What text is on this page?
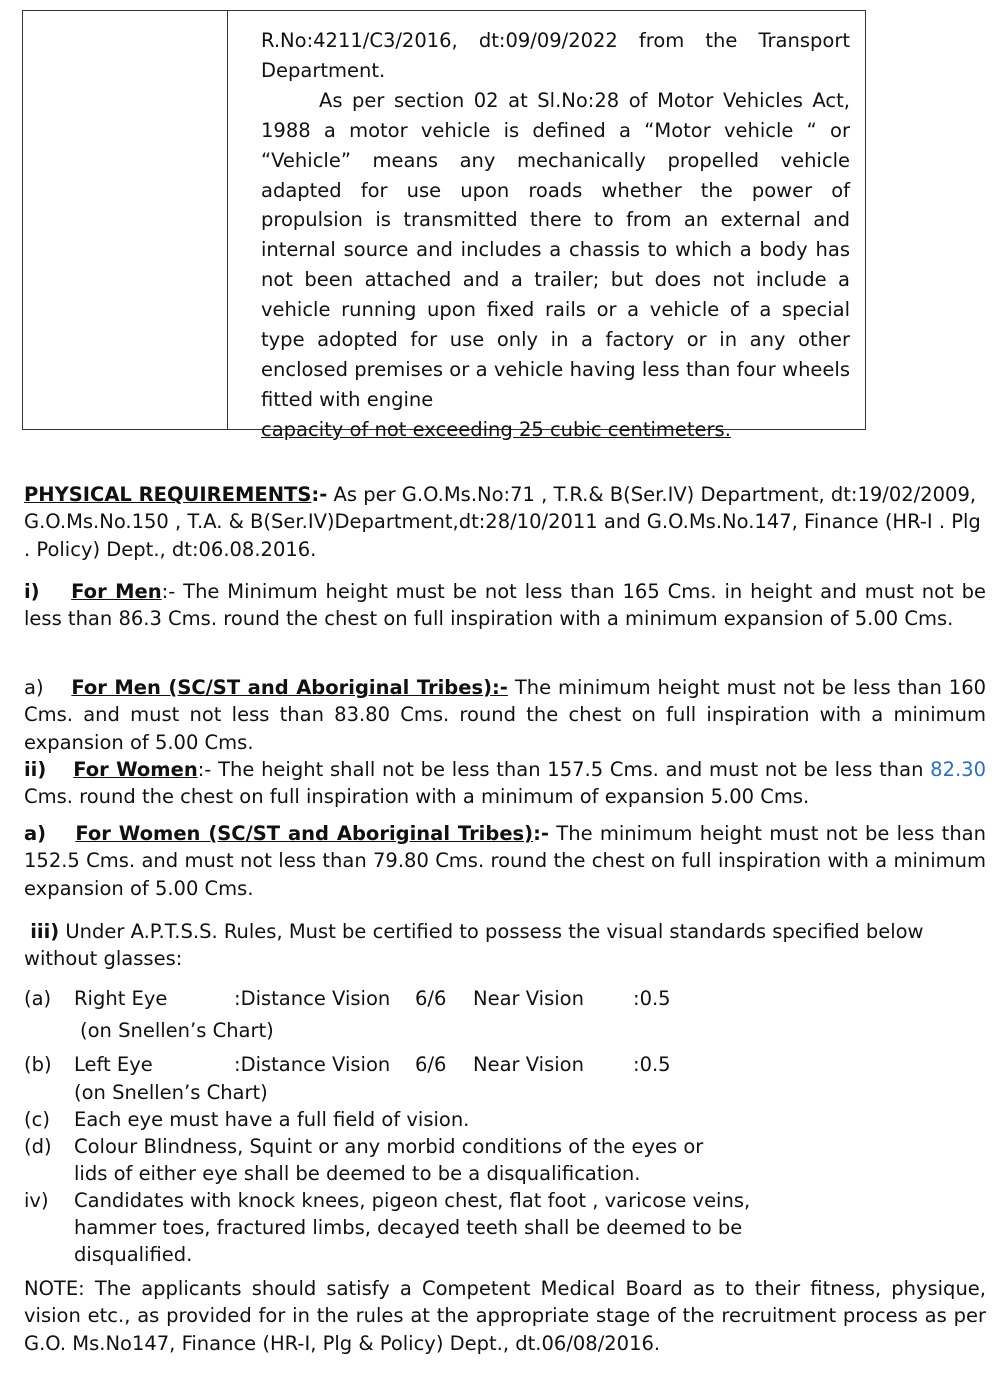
R.No:4211/C3/2016, dt:09/09/2022 from the Transport Department.

As per section 02 at Sl.No:28 of Motor Vehicles Act, 1988 a motor vehicle is defined a “Motor vehicle “ or “Vehicle” means any mechanically propelled vehicle adapted for use upon roads whether the power of propulsion is transmitted there to from an external and internal source and includes a chassis to which a body has not been attached and a trailer; but does not include a vehicle running upon fixed rails or a vehicle of a special type adopted for use only in a factory or in any other enclosed premises or a vehicle having less than four wheels fitted with engine

capacity of not exceeding 25 cubic centimeters.

PHYSICAL REQUIREMENTS:- As per G.O.Ms.No:71 , T.R.& B(Ser.IV) Department, dt:19/02/2009, G.O.Ms.No.150 , T.A. & B(Ser.IV)Department,dt:28/10/2011 and G.O.Ms.No.147, Finance (HR-I . Plg . Policy) Dept., dt:06.08.2016.

i) For Men:- The Minimum height must be not less than 165 Cms. in height and must not be less than 86.3 Cms. round the chest on full inspiration with a minimum expansion of 5.00 Cms.

a) For Men (SC/ST and Aboriginal Tribes):- The minimum height must not be less than 160 Cms. and must not less than 83.80 Cms. round the chest on full inspiration with a minimum expansion of 5.00 Cms.

ii) For Women:- The height shall not be less than 157.5 Cms. and must not be less than 82.30 Cms. round the chest on full inspiration with a minimum of expansion 5.00 Cms.

a) For Women (SC/ST and Aboriginal Tribes):- The minimum height must not be less than 152.5 Cms. and must not less than 79.80 Cms. round the chest on full inspiration with a minimum expansion of 5.00 Cms.

iii) Under A.P.T.S.S. Rules, Must be certified to possess the visual standards specified below without glasses:

(a) Right Eye	:Distance Vision 6/6 Near Vision	:0.5
(on Snellen’s Chart)
(b) Left Eye	:Distance Vision 6/6 Near Vision	:0.5
(on Snellen’s Chart)
(c) Each eye must have a full field of vision.
(d) Colour Blindness, Squint or any morbid conditions of the eyes or
lids of either eye shall be deemed to be a disqualification.
iv) Candidates with knock knees, pigeon chest, flat foot , varicose veins,
hammer toes, fractured limbs, decayed teeth shall be deemed to be
disqualified.

NOTE: The applicants should satisfy a Competent Medical Board as to their fitness, physique, vision etc., as provided for in the rules at the appropriate stage of the recruitment process as per G.O. Ms.No147, Finance (HR-I, Plg & Policy) Dept., dt.06/08/2016.
